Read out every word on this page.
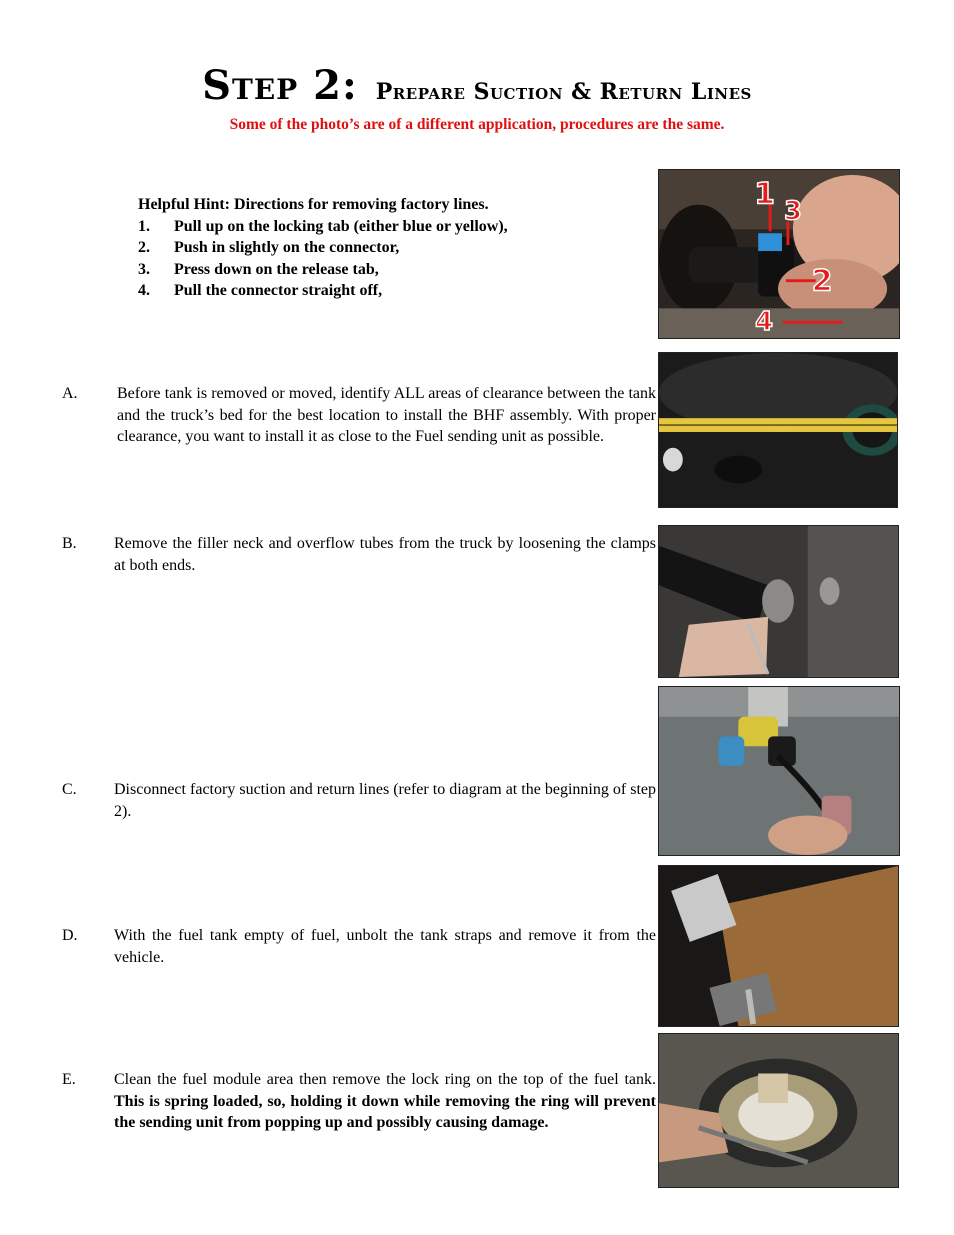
Step 2: Prepare Suction & Return Lines
Some of the photo’s are of a different application, procedures are the same.
Helpful Hint: Directions for removing factory lines.
1.	Pull up on the locking tab (either blue or yellow),
2.	Push in slightly on the connector,
3.	Press down on the release tab,
4.	Pull the connector straight off,
1 3
2
4
A.	Before tank is removed or moved, identify ALL areas of clearance between the tank and the truck’s bed for the best location to install the BHF assembly. With proper clearance, you want to install it as close to the Fuel sending unit as possible.
B.	Remove the filler neck and overflow tubes from the truck by loosening the clamps at both ends.
C.	Disconnect factory suction and return lines (refer to diagram at the beginning of step 2).
D.	With the fuel tank empty of fuel, unbolt the tank straps and remove it from the vehicle.
E.	Clean the fuel module area then remove the lock ring on the top of the fuel tank. This is spring loaded, so, holding it down while removing the ring will prevent the sending unit from popping up and possibly causing damage.
